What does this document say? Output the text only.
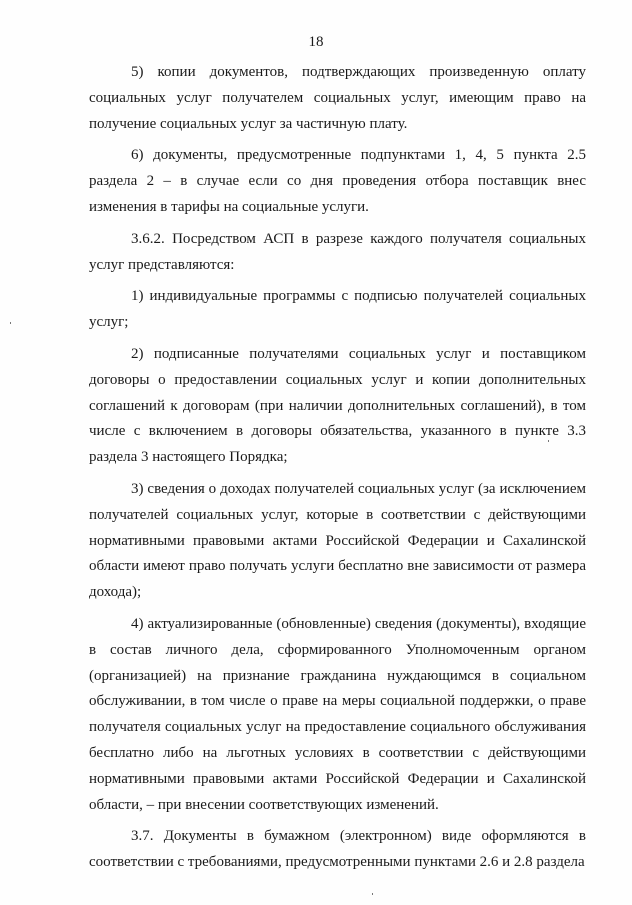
18

5) копии документов, подтверждающих произведенную оплату социальных услуг получателем социальных услуг, имеющим право на получение социальных услуг за частичную плату.

6) документы, предусмотренные подпунктами 1, 4, 5 пункта 2.5 раздела 2 – в случае если со дня проведения отбора поставщик внес изменения в тарифы на социальные услуги.

3.6.2. Посредством АСП в разрезе каждого получателя социальных услуг представляются:

1) индивидуальные программы с подписью получателей социальных услуг;

2) подписанные получателями социальных услуг и поставщиком договоры о предоставлении социальных услуг и копии дополнительных соглашений к договорам (при наличии дополнительных соглашений), в том числе с включением в договоры обязательства, указанного в пункте 3.3 раздела 3 настоящего Порядка;

3) сведения о доходах получателей социальных услуг (за исключением получателей социальных услуг, которые в соответствии с действующими нормативными правовыми актами Российской Федерации и Сахалинской области имеют право получать услуги бесплатно вне зависимости от размера дохода);

4) актуализированные (обновленные) сведения (документы), входящие в состав личного дела, сформированного Уполномоченным органом (организацией) на признание гражданина нуждающимся в социальном обслуживании, в том числе о праве на меры социальной поддержки, о праве получателя социальных услуг на предоставление социального обслуживания бесплатно либо на льготных условиях в соответствии с действующими нормативными правовыми актами Российской Федерации и Сахалинской области, – при внесении соответствующих изменений.

3.7. Документы в бумажном (электронном) виде оформляются в соответствии с требованиями, предусмотренными пунктами 2.6 и 2.8 раздела
